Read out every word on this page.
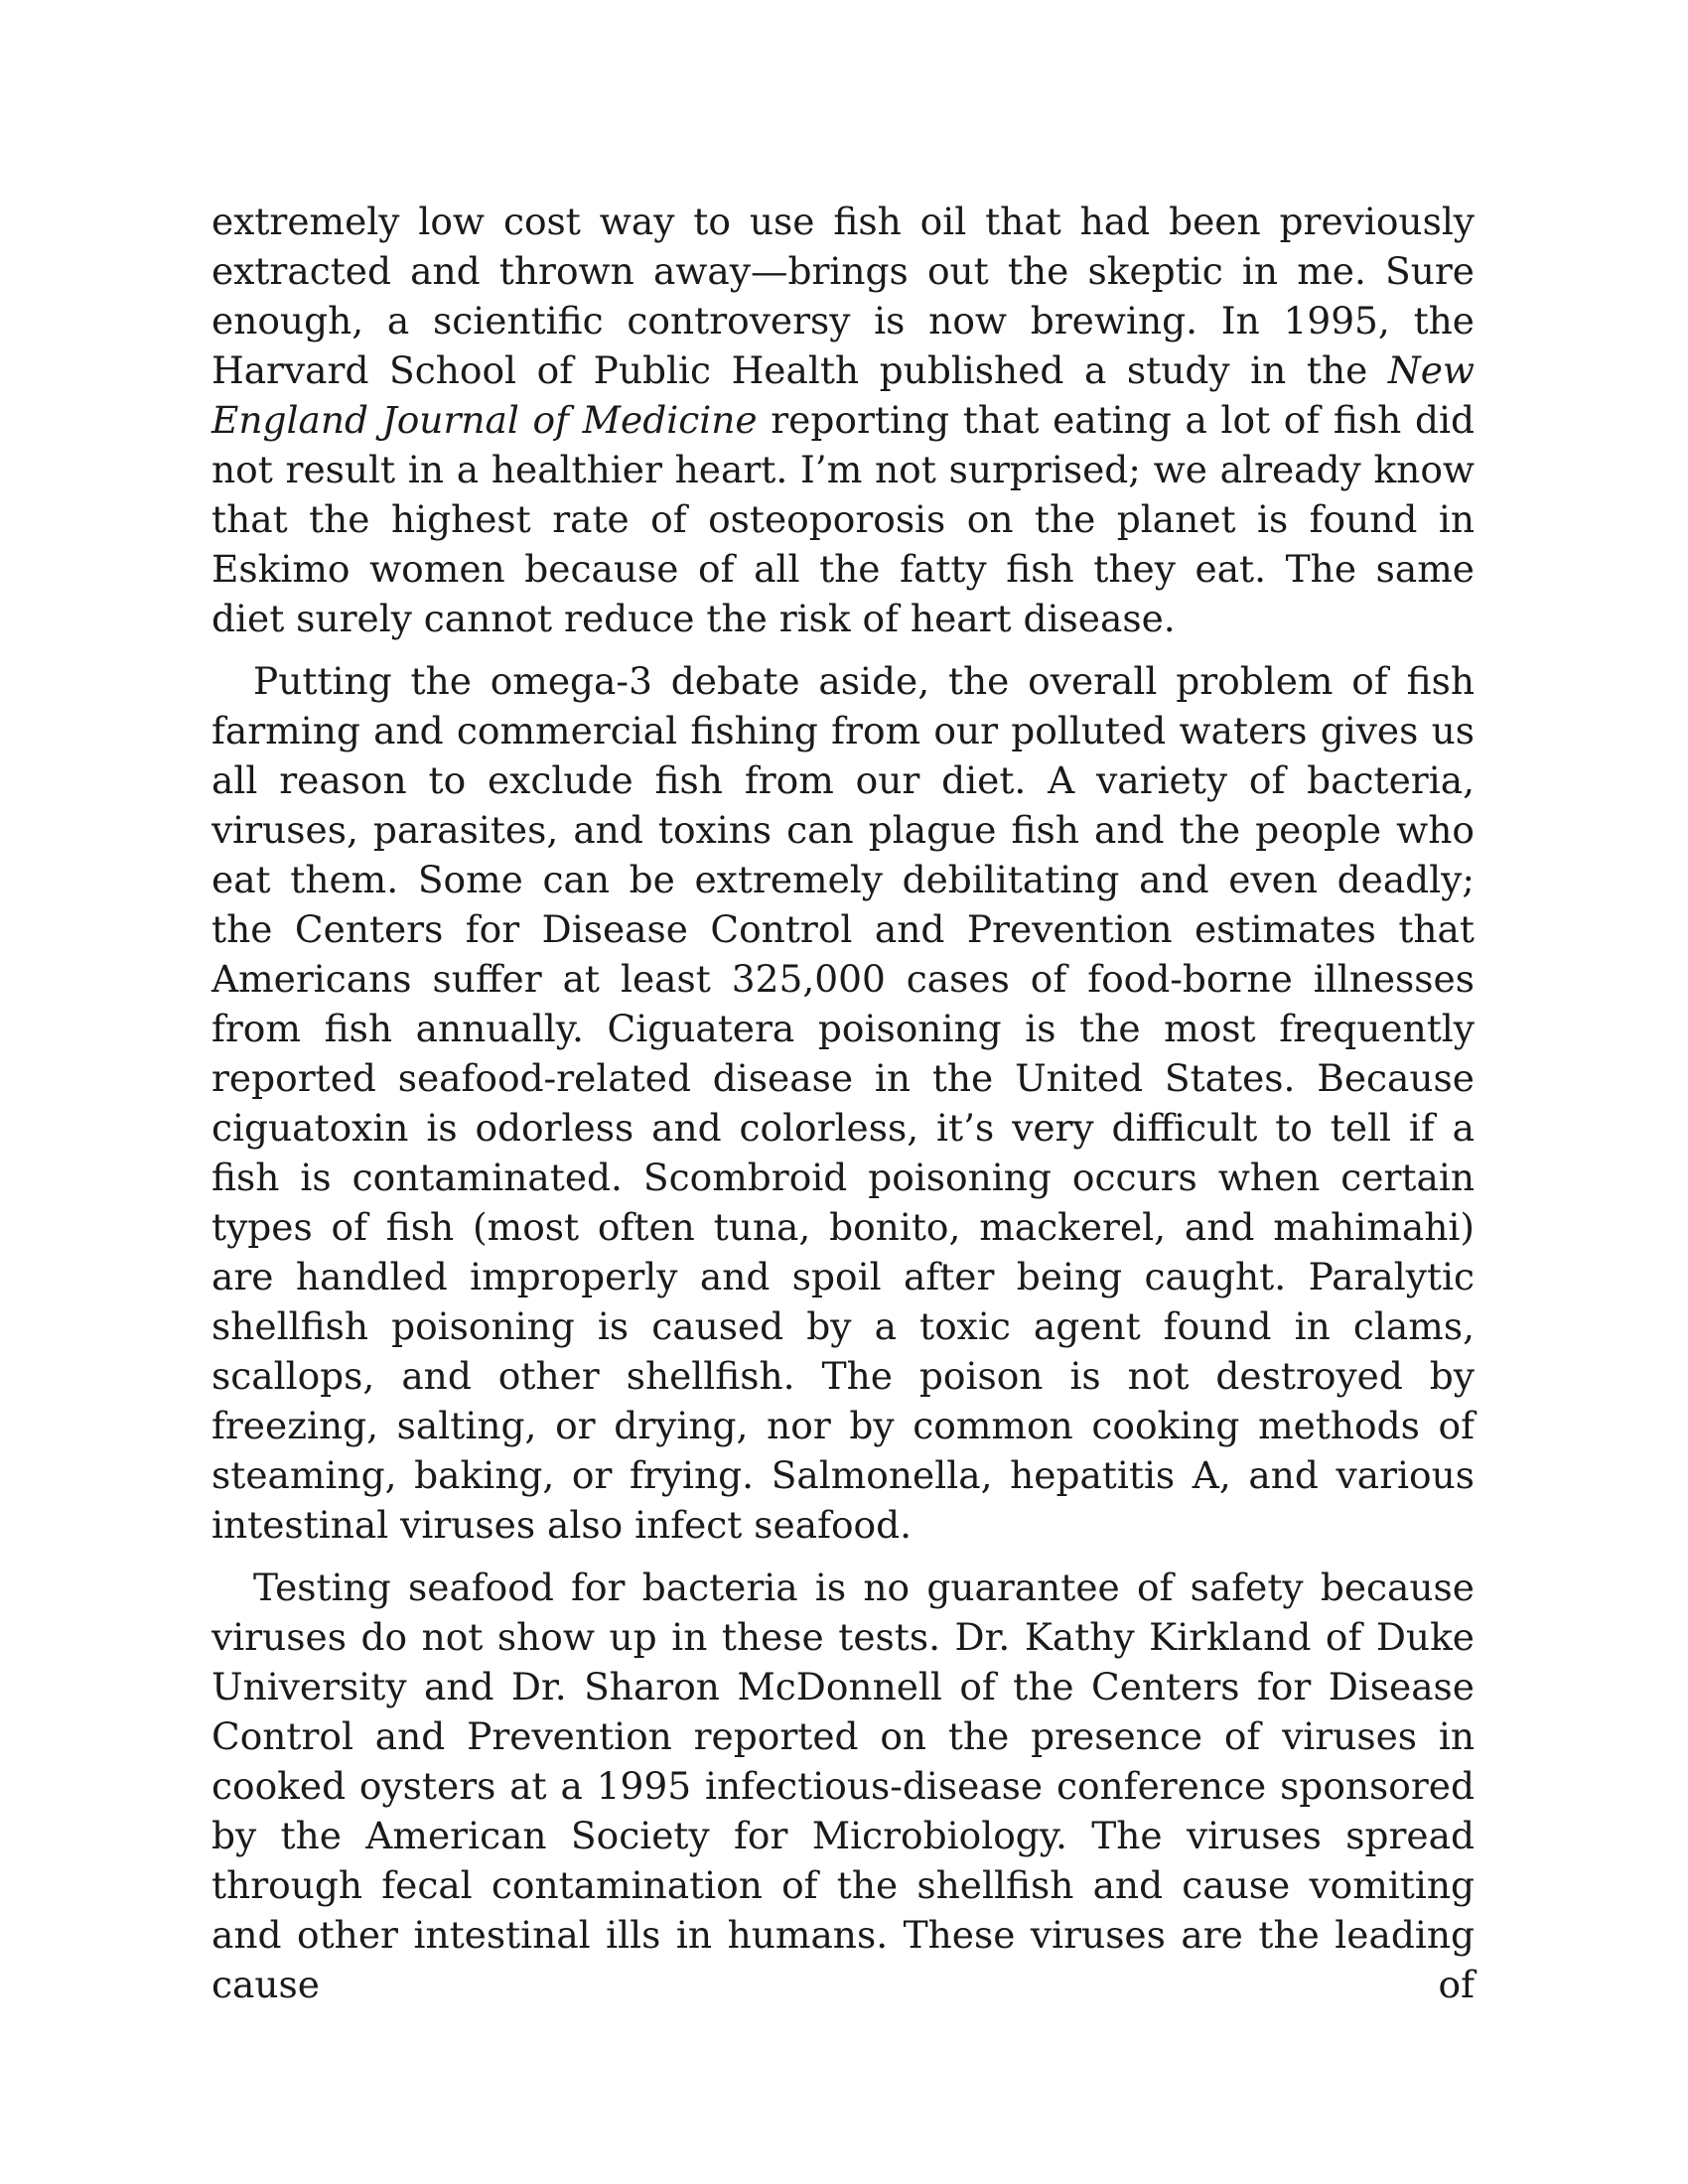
extremely low cost way to use fish oil that had been previously extracted and thrown away—brings out the skeptic in me. Sure enough, a scientific controversy is now brewing. In 1995, the Harvard School of Public Health published a study in the New England Journal of Medicine reporting that eating a lot of fish did not result in a healthier heart. I’m not surprised; we already know that the highest rate of osteoporosis on the planet is found in Eskimo women because of all the fatty fish they eat. The same diet surely cannot reduce the risk of heart disease.

Putting the omega-3 debate aside, the overall problem of fish farming and commercial fishing from our polluted waters gives us all reason to exclude fish from our diet. A variety of bacteria, viruses, parasites, and toxins can plague fish and the people who eat them. Some can be extremely debilitating and even deadly; the Centers for Disease Control and Prevention estimates that Americans suffer at least 325,000 cases of food-borne illnesses from fish annually. Ciguatera poisoning is the most frequently reported seafood-related disease in the United States. Because ciguatoxin is odorless and colorless, it’s very difficult to tell if a fish is contaminated. Scombroid poisoning occurs when certain types of fish (most often tuna, bonito, mackerel, and mahimahi) are handled improperly and spoil after being caught. Paralytic shellfish poisoning is caused by a toxic agent found in clams, scallops, and other shellfish. The poison is not destroyed by freezing, salting, or drying, nor by common cooking methods of steaming, baking, or frying. Salmonella, hepatitis A, and various intestinal viruses also infect seafood.

Testing seafood for bacteria is no guarantee of safety because viruses do not show up in these tests. Dr. Kathy Kirkland of Duke University and Dr. Sharon McDonnell of the Centers for Disease Control and Prevention reported on the presence of viruses in cooked oysters at a 1995 infectious-disease conference sponsored by the American Society for Microbiology. The viruses spread through fecal contamination of the shellfish and cause vomiting and other intestinal ills in humans. These viruses are the leading cause of
